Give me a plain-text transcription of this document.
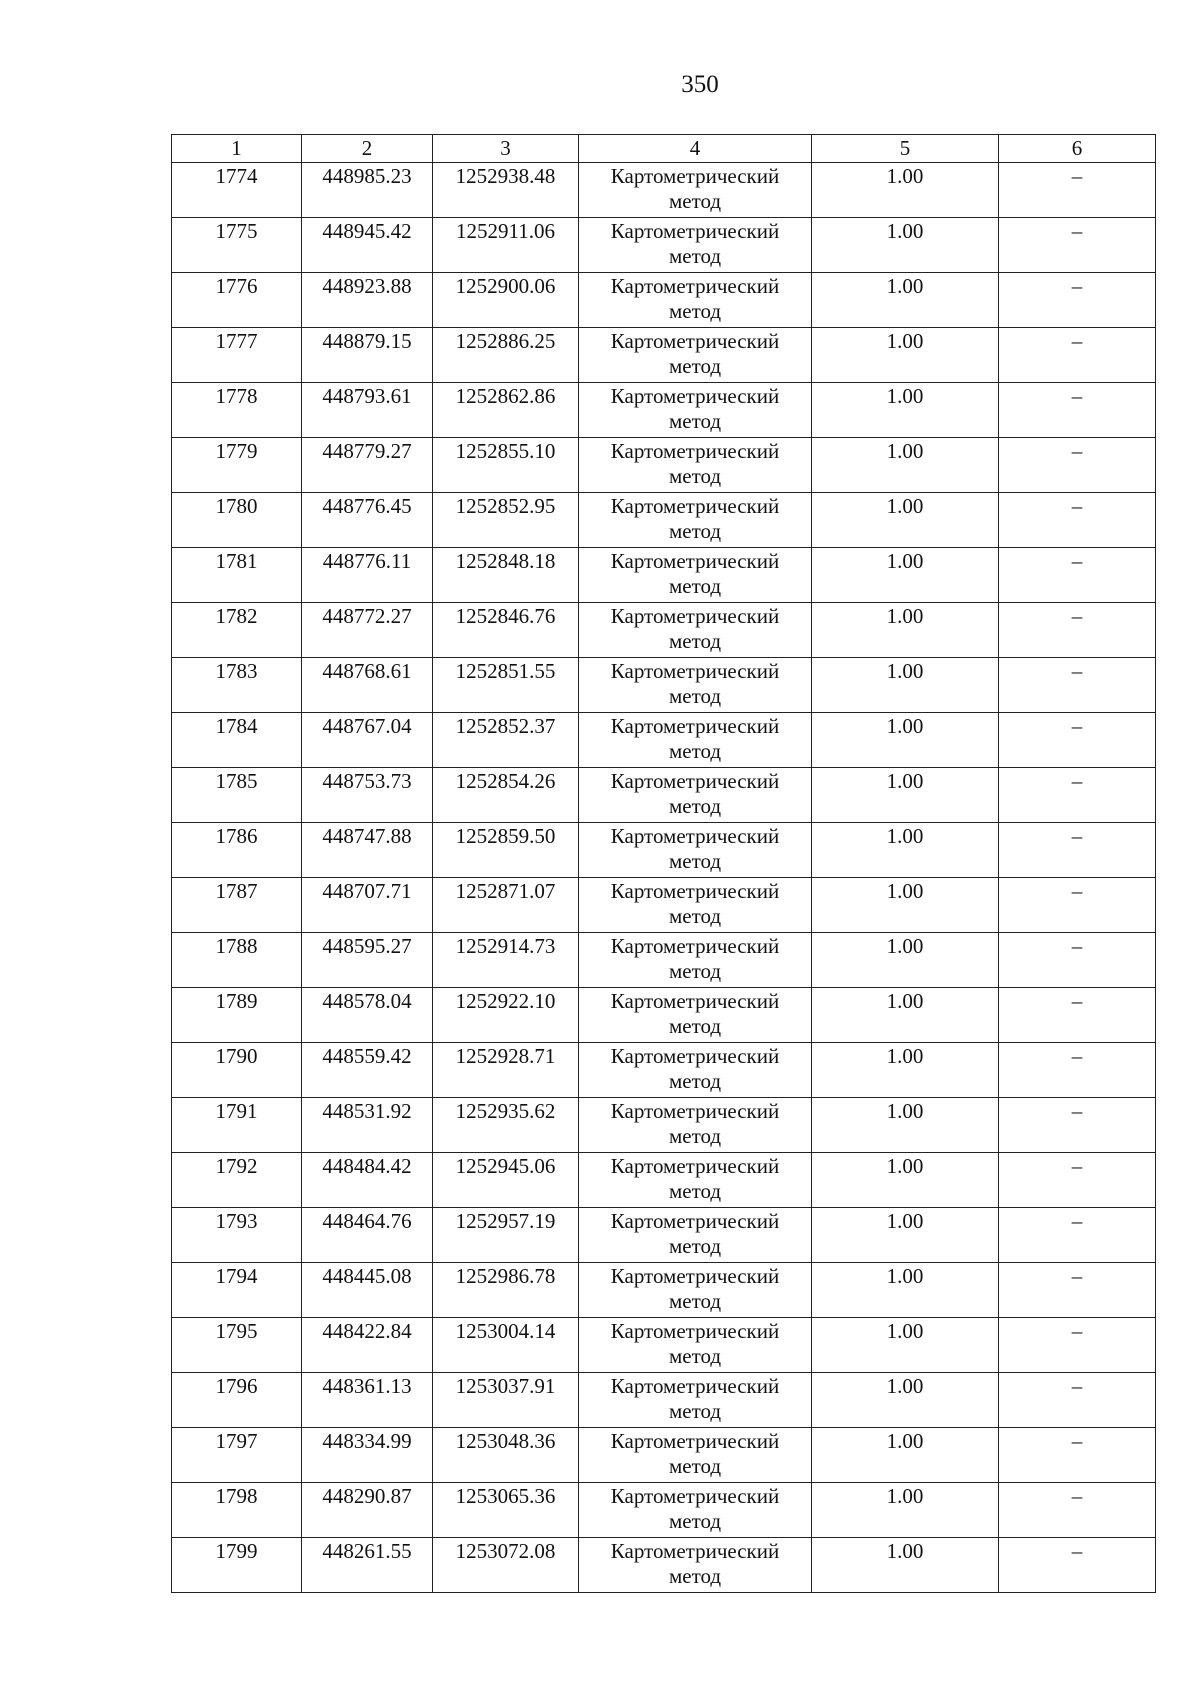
350
1	2	3	4	5	6
1774	448985.23	1252938.48	Картометрический метод	1.00	–
1775	448945.42	1252911.06	Картометрический метод	1.00	–
1776	448923.88	1252900.06	Картометрический метод	1.00	–
1777	448879.15	1252886.25	Картометрический метод	1.00	–
1778	448793.61	1252862.86	Картометрический метод	1.00	–
1779	448779.27	1252855.10	Картометрический метод	1.00	–
1780	448776.45	1252852.95	Картометрический метод	1.00	–
1781	448776.11	1252848.18	Картометрический метод	1.00	–
1782	448772.27	1252846.76	Картометрический метод	1.00	–
1783	448768.61	1252851.55	Картометрический метод	1.00	–
1784	448767.04	1252852.37	Картометрический метод	1.00	–
1785	448753.73	1252854.26	Картометрический метод	1.00	–
1786	448747.88	1252859.50	Картометрический метод	1.00	–
1787	448707.71	1252871.07	Картометрический метод	1.00	–
1788	448595.27	1252914.73	Картометрический метод	1.00	–
1789	448578.04	1252922.10	Картометрический метод	1.00	–
1790	448559.42	1252928.71	Картометрический метод	1.00	–
1791	448531.92	1252935.62	Картометрический метод	1.00	–
1792	448484.42	1252945.06	Картометрический метод	1.00	–
1793	448464.76	1252957.19	Картометрический метод	1.00	–
1794	448445.08	1252986.78	Картометрический метод	1.00	–
1795	448422.84	1253004.14	Картометрический метод	1.00	–
1796	448361.13	1253037.91	Картометрический метод	1.00	–
1797	448334.99	1253048.36	Картометрический метод	1.00	–
1798	448290.87	1253065.36	Картометрический метод	1.00	–
1799	448261.55	1253072.08	Картометрический метод	1.00	–
